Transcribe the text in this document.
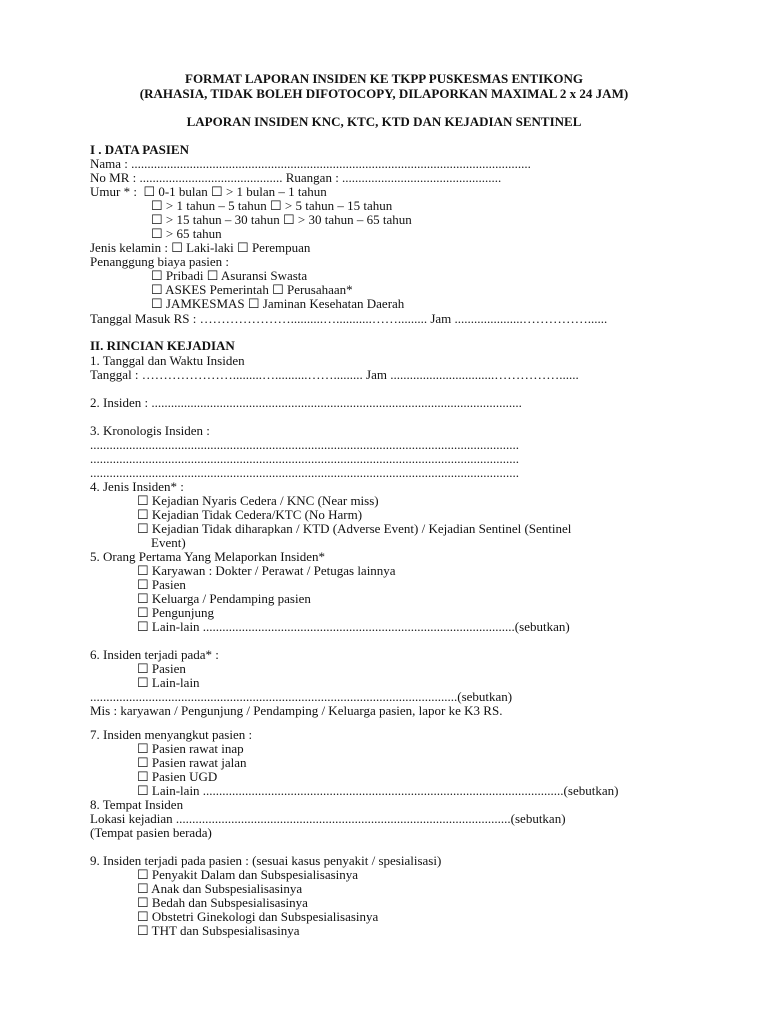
FORMAT LAPORAN INSIDEN KE TKPP PUSKESMAS ENTIKONG
(RAHASIA, TIDAK BOLEH DIFOTOCOPY, DILAPORKAN MAXIMAL 2 x 24 JAM)
LAPORAN INSIDEN KNC, KTC, KTD DAN KEJADIAN SENTINEL
I . DATA PASIEN
Nama : ...........................................................................................................................
No MR : ............................................ Ruangan : .................................................
Umur * :  ☐ 0-1 bulan ☐ > 1 bulan – 1 tahun
☐ > 1 tahun – 5 tahun ☐ > 5 tahun – 15 tahun
☐ > 15 tahun – 30 tahun ☐ > 30 tahun – 65 tahun
☐ > 65 tahun
Jenis kelamin : ☐ Laki-laki ☐ Perempuan
Penanggung biaya pasien :
☐ Pribadi ☐ Asuransi Swasta
☐ ASKES Pemerintah ☐ Perusahaan*
☐ JAMKESMAS ☐ Jaminan Kesehatan Daerah
Tanggal Masuk RS : …………………..........…...........……......... Jam .....................……………......
II. RINCIAN KEJADIAN
1. Tanggal dan Waktu Insiden
Tanggal : ………………….........…..........……......... Jam ................................……………......
2. Insiden : ..................................................................................................................
3. Kronologis Insiden :
....................................................................................................................................
....................................................................................................................................
....................................................................................................................................
4. Jenis Insiden* :
☐ Kejadian Nyaris Cedera / KNC (Near miss)
☐ Kejadian Tidak Cedera/KTC (No Harm)
☐ Kejadian Tidak diharapkan / KTD (Adverse Event) / Kejadian Sentinel (Sentinel
Event)
5. Orang Pertama Yang Melaporkan Insiden*
☐ Karyawan : Dokter / Perawat / Petugas lainnya
☐ Pasien
☐ Keluarga / Pendamping pasien
☐ Pengunjung
☐ Lain-lain ................................................................................................(sebutkan)
6. Insiden terjadi pada* :
☐ Pasien
☐ Lain-lain
.................................................................................................................(sebutkan)
Mis : karyawan / Pengunjung / Pendamping / Keluarga pasien, lapor ke K3 RS.
7. Insiden menyangkut pasien :
☐ Pasien rawat inap
☐ Pasien rawat jalan
☐ Pasien UGD
☐ Lain-lain ...............................................................................................................(sebutkan)
8. Tempat Insiden
Lokasi kejadian .......................................................................................................(sebutkan)
(Tempat pasien berada)
9. Insiden terjadi pada pasien : (sesuai kasus penyakit / spesialisasi)
☐ Penyakit Dalam dan Subspesialisasinya
☐ Anak dan Subspesialisasinya
☐ Bedah dan Subspesialisasinya
☐ Obstetri Ginekologi dan Subspesialisasinya
☐ THT dan Subspesialisasinya
